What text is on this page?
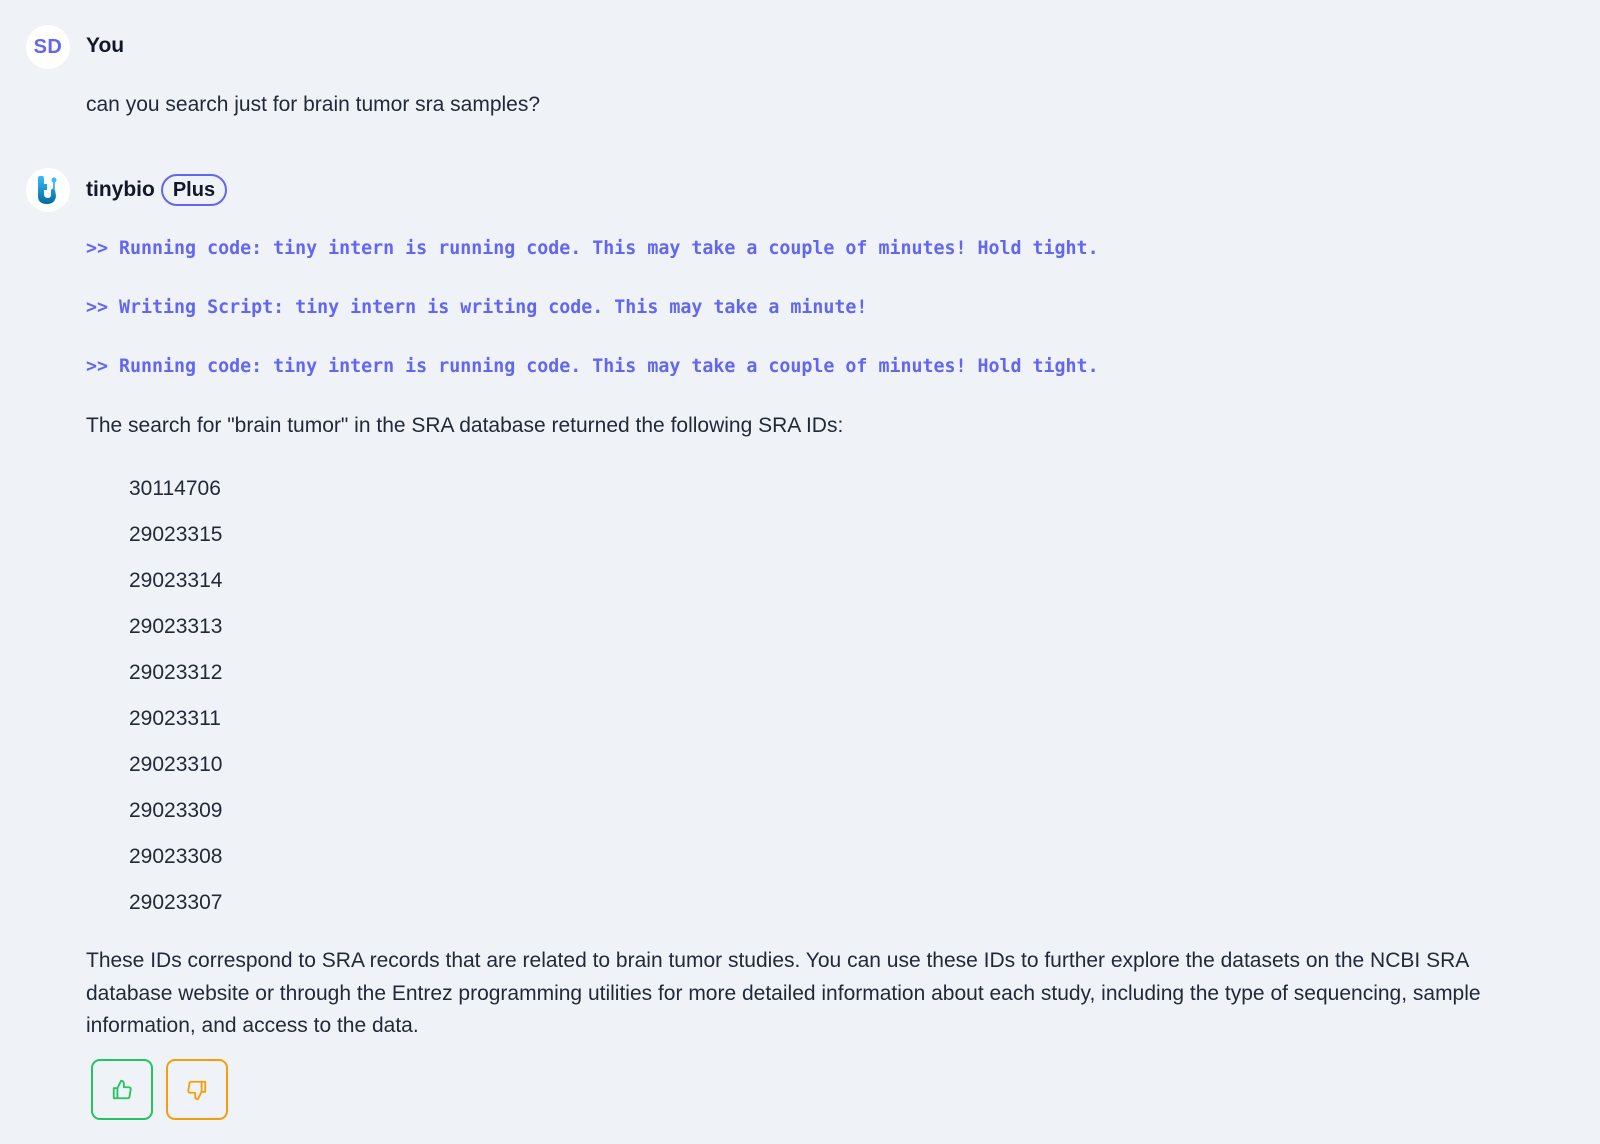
SD You
can you search just for brain tumor sra samples?
tinybio Plus
>> Running code: tiny intern is running code. This may take a couple of minutes! Hold tight.
>> Writing Script: tiny intern is writing code. This may take a minute!
>> Running code: tiny intern is running code. This may take a couple of minutes! Hold tight.
The search for "brain tumor" in the SRA database returned the following SRA IDs:
30114706
29023315
29023314
29023313
29023312
29023311
29023310
29023309
29023308
29023307
These IDs correspond to SRA records that are related to brain tumor studies. You can use these IDs to further explore the datasets on the NCBI SRA database website or through the Entrez programming utilities for more detailed information about each study, including the type of sequencing, sample information, and access to the data.
